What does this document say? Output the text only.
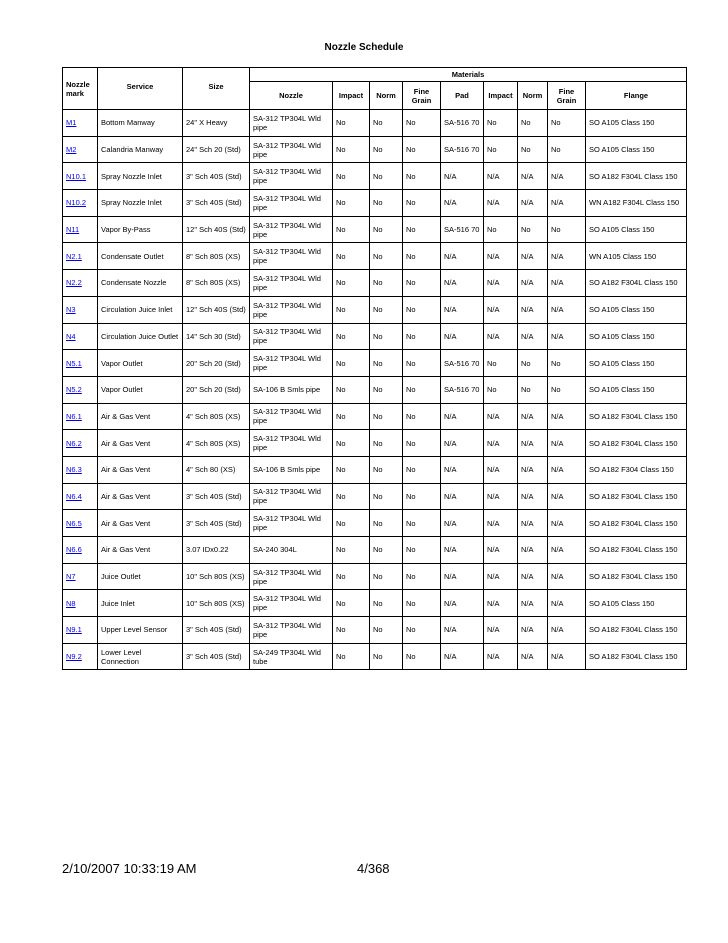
Nozzle Schedule
Nozzle mark	Service	Size	Materials								
			Nozzle	Impact	Norm	Fine Grain	Pad	Impact	Norm	Fine Grain	Flange
M1	Bottom Manway	24" X Heavy	SA-312 TP304L Wld pipe	No	No	No	SA-516 70	No	No	No	SO A105 Class 150
M2	Calandria Manway	24" Sch 20 (Std)	SA-312 TP304L Wld pipe	No	No	No	SA-516 70	No	No	No	SO A105 Class 150
N10.1	Spray Nozzle Inlet	3" Sch 40S (Std)	SA-312 TP304L Wld pipe	No	No	No	N/A	N/A	N/A	N/A	SO A182 F304L Class 150
N10.2	Spray Nozzle Inlet	3" Sch 40S (Std)	SA-312 TP304L Wld pipe	No	No	No	N/A	N/A	N/A	N/A	WN A182 F304L Class 150
N11	Vapor By-Pass	12" Sch 40S (Std)	SA-312 TP304L Wld pipe	No	No	No	SA-516 70	No	No	No	SO A105 Class 150
N2.1	Condensate Outlet	8" Sch 80S (XS)	SA-312 TP304L Wld pipe	No	No	No	N/A	N/A	N/A	N/A	WN A105 Class 150
N2.2	Condensate Nozzle	8" Sch 80S (XS)	SA-312 TP304L Wld pipe	No	No	No	N/A	N/A	N/A	N/A	SO A182 F304L Class 150
N3	Circulation Juice Inlet	12" Sch 40S (Std)	SA-312 TP304L Wld pipe	No	No	No	N/A	N/A	N/A	N/A	SO A105 Class 150
N4	Circulation Juice Outlet	14" Sch 30 (Std)	SA-312 TP304L Wld pipe	No	No	No	N/A	N/A	N/A	N/A	SO A105 Class 150
N5.1	Vapor Outlet	20" Sch 20 (Std)	SA-312 TP304L Wld pipe	No	No	No	SA-516 70	No	No	No	SO A105 Class 150
N5.2	Vapor Outlet	20" Sch 20 (Std)	SA-106 B Smls pipe	No	No	No	SA-516 70	No	No	No	SO A105 Class 150
N6.1	Air & Gas Vent	4" Sch 80S (XS)	SA-312 TP304L Wld pipe	No	No	No	N/A	N/A	N/A	N/A	SO A182 F304L Class 150
N6.2	Air & Gas Vent	4" Sch 80S (XS)	SA-312 TP304L Wld pipe	No	No	No	N/A	N/A	N/A	N/A	SO A182 F304L Class 150
N6.3	Air & Gas Vent	4" Sch 80 (XS)	SA-106 B Smls pipe	No	No	No	N/A	N/A	N/A	N/A	SO A182 F304 Class 150
N6.4	Air & Gas Vent	3" Sch 40S (Std)	SA-312 TP304L Wld pipe	No	No	No	N/A	N/A	N/A	N/A	SO A182 F304L Class 150
N6.5	Air & Gas Vent	3" Sch 40S (Std)	SA-312 TP304L Wld pipe	No	No	No	N/A	N/A	N/A	N/A	SO A182 F304L Class 150
N6.6	Air & Gas Vent	3.07 IDx0.22	SA-240 304L	No	No	No	N/A	N/A	N/A	N/A	SO A182 F304L Class 150
N7	Juice Outlet	10" Sch 80S (XS)	SA-312 TP304L Wld pipe	No	No	No	N/A	N/A	N/A	N/A	SO A182 F304L Class 150
N8	Juice Inlet	10" Sch 80S (XS)	SA-312 TP304L Wld pipe	No	No	No	N/A	N/A	N/A	N/A	SO A105 Class 150
N9.1	Upper Level Sensor	3" Sch 40S (Std)	SA-312 TP304L Wld pipe	No	No	No	N/A	N/A	N/A	N/A	SO A182 F304L Class 150
N9.2	Lower Level Connection	3" Sch 40S (Std)	SA-249 TP304L Wld tube	No	No	No	N/A	N/A	N/A	N/A	SO A182 F304L Class 150
2/10/2007 10:33:19 AM	4/368
